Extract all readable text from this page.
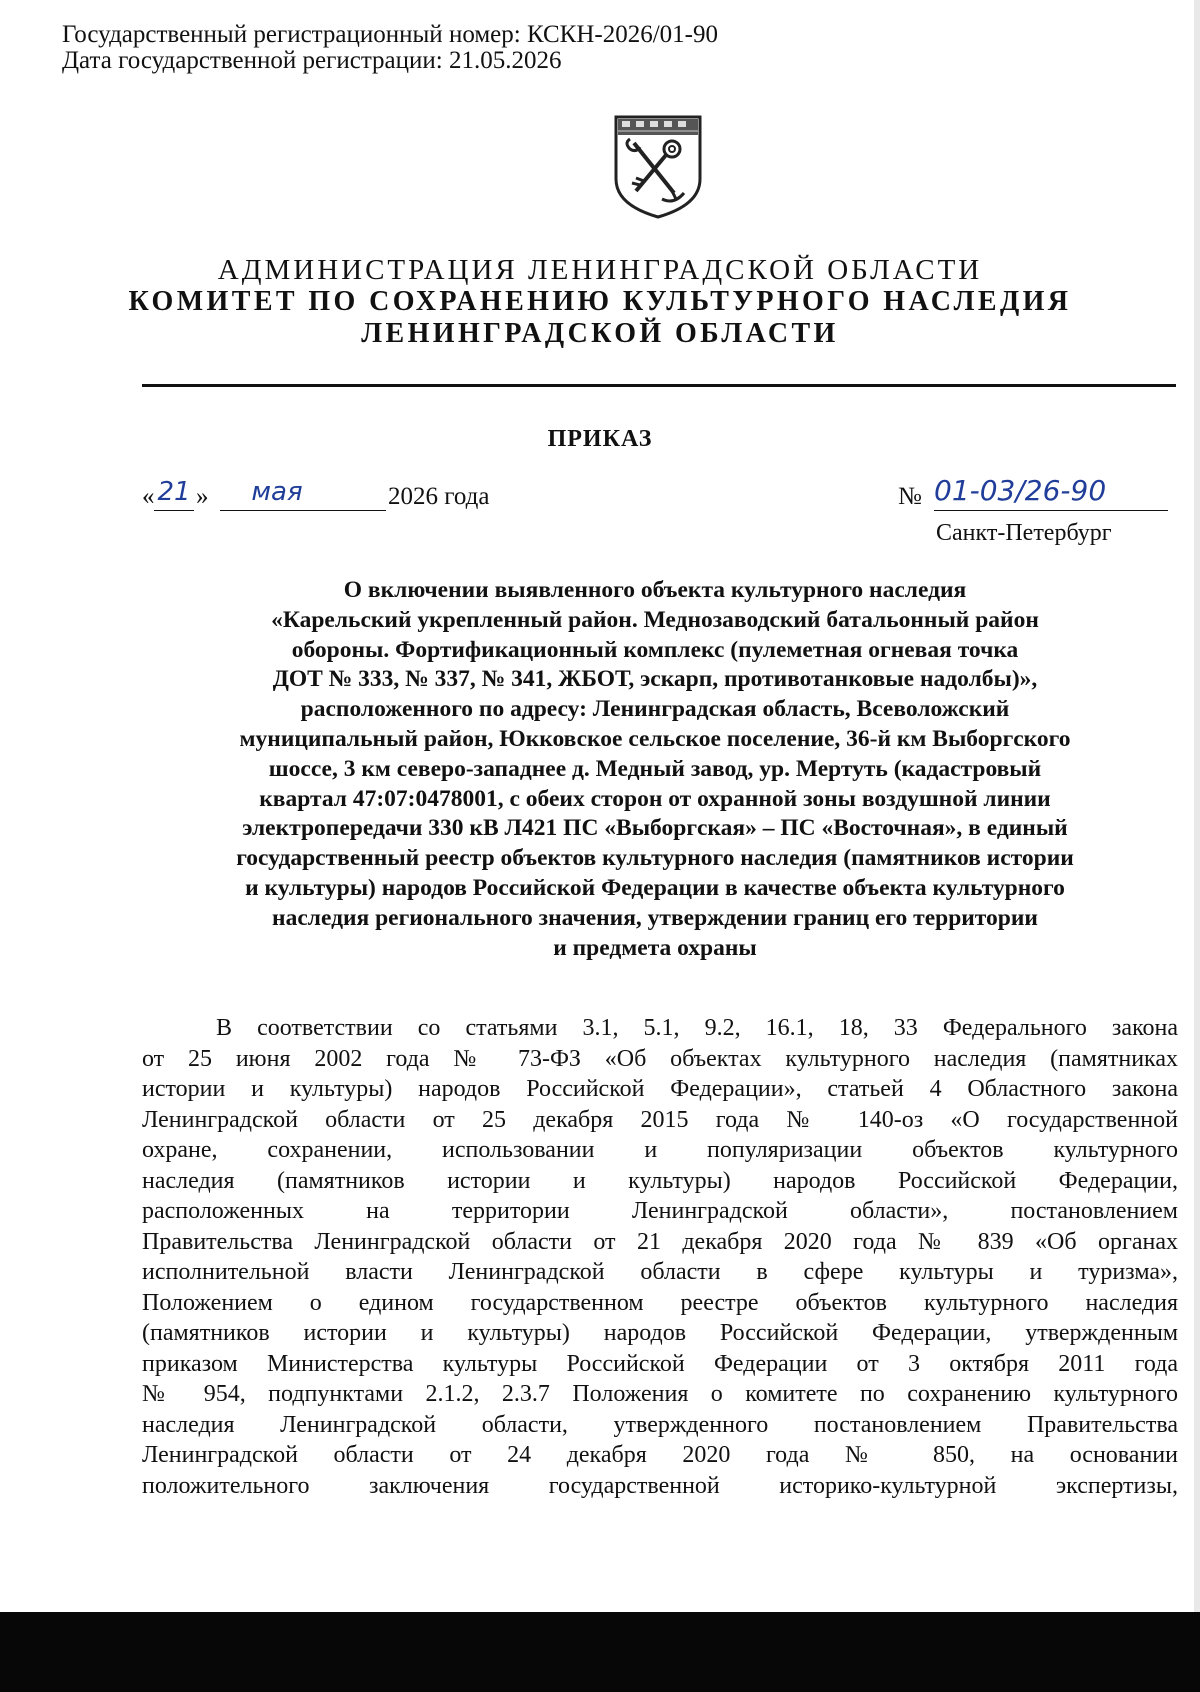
Государственный регистрационный номер: КСКН-2026/01-90
Дата государственной регистрации: 21.05.2026
АДМИНИСТРАЦИЯ ЛЕНИНГРАДСКОЙ ОБЛАСТИ
КОМИТЕТ ПО СОХРАНЕНИЮ КУЛЬТУРНОГО НАСЛЕДИЯ
ЛЕНИНГРАДСКОЙ ОБЛАСТИ
ПРИКАЗ
« 21 »	мая	2026 года	№ 01-03/26-90
Санкт-Петербург
О включении выявленного объекта культурного наследия
«Карельский укрепленный район. Меднозаводский батальонный район
обороны. Фортификационный комплекс (пулеметная огневая точка
ДОТ № 333, № 337, № 341, ЖБОТ, эскарп, противотанковые надолбы)»,
расположенного по адресу: Ленинградская область, Всеволожский
муниципальный район, Юкковское сельское поселение, 36-й км Выборгского
шоссе, 3 км северо-западнее д. Медный завод, ур. Мертуть (кадастровый
квартал 47:07:0478001, с обеих сторон от охранной зоны воздушной линии
электропередачи 330 кВ Л421 ПС «Выборгская» – ПС «Восточная», в единый
государственный реестр объектов культурного наследия (памятников истории
и культуры) народов Российской Федерации в качестве объекта культурного
наследия регионального значения, утверждении границ его территории
и предмета охраны
В соответствии со статьями 3.1, 5.1, 9.2, 16.1, 18, 33 Федерального закона
от 25 июня 2002 года № 73-ФЗ «Об объектах культурного наследия (памятниках
истории и культуры) народов Российской Федерации», статьей 4 Областного закона
Ленинградской области от 25 декабря 2015 года № 140-оз «О государственной
охране, сохранении, использовании и популяризации объектов культурного
наследия (памятников истории и культуры) народов Российской Федерации,
расположенных на территории Ленинградской области», постановлением
Правительства Ленинградской области от 21 декабря 2020 года № 839 «Об органах
исполнительной власти Ленинградской области в сфере культуры и туризма»,
Положением о едином государственном реестре объектов культурного наследия
(памятников истории и культуры) народов Российской Федерации, утвержденным
приказом Министерства культуры Российской Федерации от 3 октября 2011 года
№ 954, подпунктами 2.1.2, 2.3.7 Положения о комитете по сохранению культурного
наследия Ленинградской области, утвержденного постановлением Правительства
Ленинградской области от 24 декабря 2020 года № 850, на основании
положительного заключения государственной историко-культурной экспертизы,
